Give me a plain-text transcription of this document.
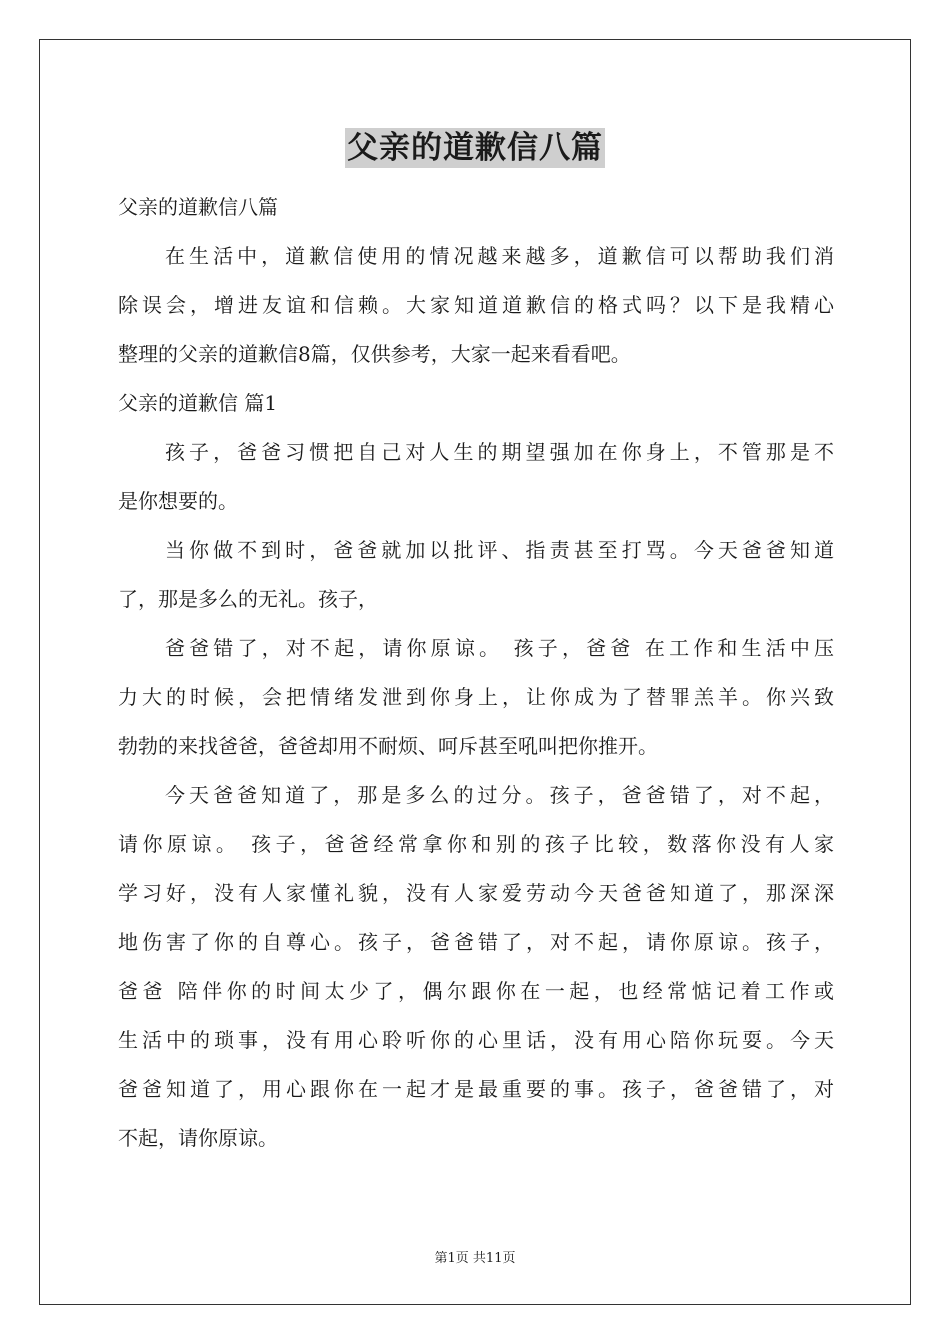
父亲的道歉信八篇
父亲的道歉信八篇
在生活中，道歉信使用的情况越来越多，道歉信可以帮助我们消
除误会，增进友谊和信赖。大家知道道歉信的格式吗？以下是我精心
整理的父亲的道歉信8篇，仅供参考，大家一起来看看吧。
父亲的道歉信 篇1
孩子，爸爸习惯把自己对人生的期望强加在你身上，不管那是不
是你想要的。
当你做不到时，爸爸就加以批评、指责甚至打骂。今天爸爸知道
了，那是多么的无礼。孩子，
爸爸错了，对不起，请你原谅。 孩子，爸爸 在工作和生活中压
力大的时候，会把情绪发泄到你身上，让你成为了替罪羔羊。你兴致
勃勃的来找爸爸，爸爸却用不耐烦、呵斥甚至吼叫把你推开。
今天爸爸知道了，那是多么的过分。孩子，爸爸错了，对不起，
请你原谅。 孩子，爸爸经常拿你和别的孩子比较，数落你没有人家
学习好，没有人家懂礼貌，没有人家爱劳动今天爸爸知道了，那深深
地伤害了你的自尊心。孩子，爸爸错了，对不起，请你原谅。孩子，
爸爸 陪伴你的时间太少了，偶尔跟你在一起，也经常惦记着工作或
生活中的琐事，没有用心聆听你的心里话，没有用心陪你玩耍。今天
爸爸知道了，用心跟你在一起才是最重要的事。孩子，爸爸错了，对
不起，请你原谅。
第1页 共11页
